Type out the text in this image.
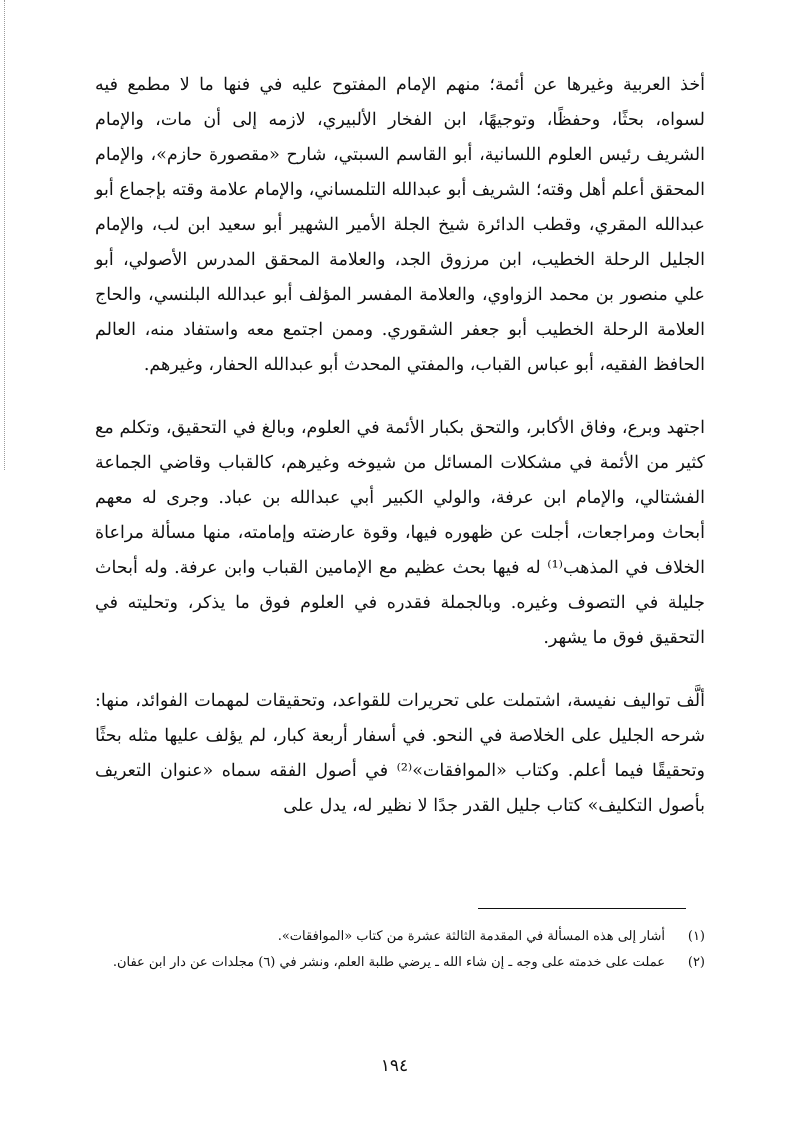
أخذ العربية وغيرها عن أئمة؛ منهم الإمام المفتوح عليه في فنها ما لا مطمع فيه لسواه، بحثًا، وحفظًا، وتوجيهًا، ابن الفخار الألبيري، لازمه إلى أن مات، والإمام الشريف رئيس العلوم اللسانية، أبو القاسم السبتي، شارح «مقصورة حازم»، والإمام المحقق أعلم أهل وقته؛ الشريف أبو عبدالله التلمساني، والإمام علامة وقته بإجماع أبو عبدالله المقري، وقطب الدائرة شيخ الجلة الأمير الشهير أبو سعيد ابن لب، والإمام الجليل الرحلة الخطيب، ابن مرزوق الجد، والعلامة المحقق المدرس الأصولي، أبو علي منصور بن محمد الزواوي، والعلامة المفسر المؤلف أبو عبدالله البلنسي، والحاج العلامة الرحلة الخطيب أبو جعفر الشقوري. وممن اجتمع معه واستفاد منه، العالم الحافظ الفقيه، أبو عباس القباب، والمفتي المحدث أبو عبدالله الحفار، وغيرهم.

اجتهد وبرع، وفاق الأكابر، والتحق بكبار الأئمة في العلوم، وبالغ في التحقيق، وتكلم مع كثير من الأئمة في مشكلات المسائل من شيوخه وغيرهم، كالقباب وقاضي الجماعة الفشتالي، والإمام ابن عرفة، والولي الكبير أبي عبدالله بن عباد. وجرى له معهم أبحاث ومراجعات، أجلت عن ظهوره فيها، وقوة عارضته وإمامته، منها مسألة مراعاة الخلاف في المذهب⁽¹⁾ له فيها بحث عظيم مع الإمامين القباب وابن عرفة. وله أبحاث جليلة في التصوف وغيره. وبالجملة فقدره في العلوم فوق ما يذكر، وتحليته في التحقيق فوق ما يشهر.

ألَّف تواليف نفيسة، اشتملت على تحريرات للقواعد، وتحقيقات لمهمات الفوائد، منها: شرحه الجليل على الخلاصة في النحو. في أسفار أربعة كبار، لم يؤلف عليها مثله بحثًا وتحقيقًا فيما أعلم. وكتاب «الموافقات»⁽²⁾ في أصول الفقه سماه «عنوان التعريف بأصول التكليف» كتاب جليل القدر جدًا لا نظير له، يدل على

(١)
أشار إلى هذه المسألة في المقدمة الثالثة عشرة من كتاب «الموافقات».
(٢)
عملت على خدمته على وجه ـ إن شاء الله ـ يرضي طلبة العلم، ونشر في (٦) مجلدات عن دار ابن عفان.
١٩٤
